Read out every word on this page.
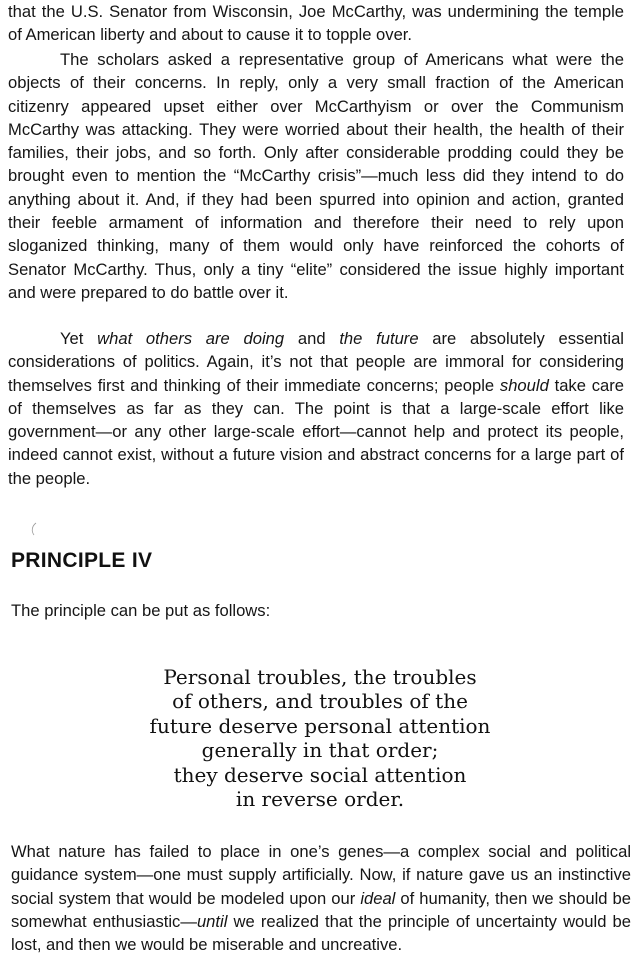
that the U.S. Senator from Wisconsin, Joe McCarthy, was undermining the temple of American liberty and about to cause it to topple over.

The scholars asked a representative group of Americans what were the objects of their concerns. In reply, only a very small fraction of the American citizenry appeared upset either over McCarthyism or over the Communism McCarthy was attacking. They were worried about their health, the health of their families, their jobs, and so forth. Only after considerable prodding could they be brought even to mention the “McCarthy crisis”—much less did they intend to do anything about it. And, if they had been spurred into opinion and action, granted their feeble armament of information and therefore their need to rely upon sloganized thinking, many of them would only have reinforced the cohorts of Senator McCarthy. Thus, only a tiny “elite” considered the issue highly important and were prepared to do battle over it.

Yet what others are doing and the future are absolutely essential considerations of politics. Again, it’s not that people are immoral for considering themselves first and thinking of their immediate concerns; people should take care of themselves as far as they can. The point is that a large-scale effort like government—or any other large-scale effort—cannot help and protect its people, indeed cannot exist, without a future vision and abstract concerns for a large part of the people.

PRINCIPLE IV

The principle can be put as follows:

Personal troubles, the troubles
of others, and troubles of the
future deserve personal attention
generally in that order;
they deserve social attention
in reverse order.

What nature has failed to place in one’s genes—a complex social and political guidance system—one must supply artificially. Now, if nature gave us an instinctive social system that would be modeled upon our ideal of humanity, then we should be somewhat enthusiastic—until we realized that the principle of uncertainty would be lost, and then we would be miserable and uncreative.
